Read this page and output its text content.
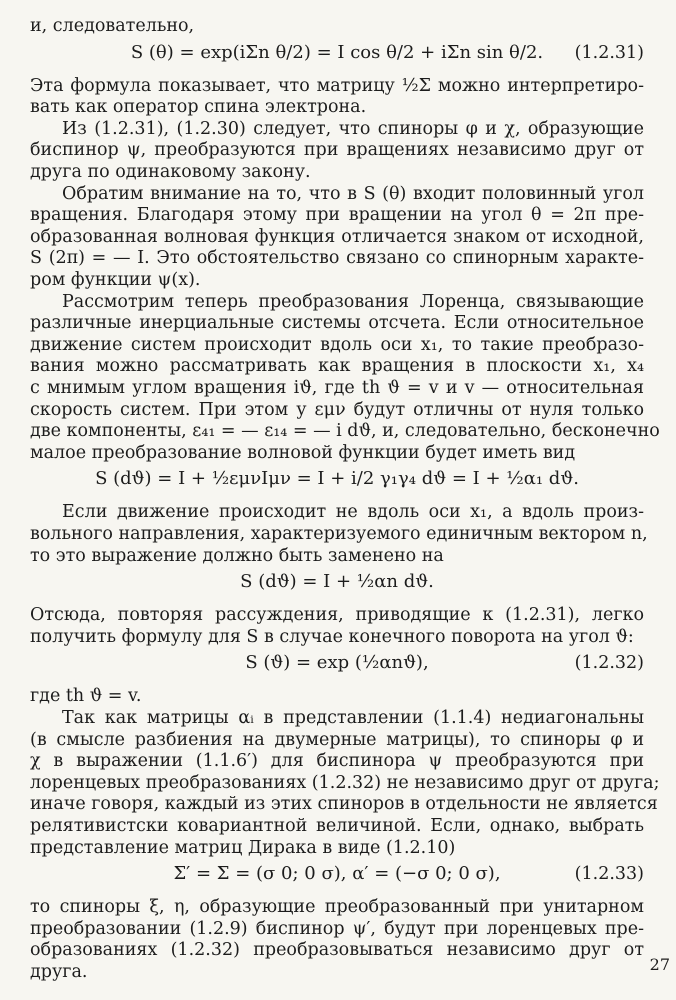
и, следовательно,
S (θ) = exp(iΣn θ/2) = I cos θ/2 + iΣn sin θ/2.	(1.2.31)
Эта формула показывает, что матрицу ½Σ можно интерпретиро-
вать как оператор спина электрона.
Из (1.2.31), (1.2.30) следует, что спиноры φ и χ, образующие
биспинор ψ, преобразуются при вращениях независимо друг от
друга по одинаковому закону.
Обратим внимание на то, что в S (θ) входит половинный угол
вращения. Благодаря этому при вращении на угол θ = 2π пре-
образованная волновая функция отличается знаком от исходной,
S (2π) = — I. Это обстоятельство связано со спинорным характе-
ром функции ψ(x).
Рассмотрим теперь преобразования Лоренца, связывающие
различные инерциальные системы отсчета. Если относительное
движение систем происходит вдоль оси x₁, то такие преобразо-
вания можно рассматривать как вращения в плоскости x₁, x₄
с мнимым углом вращения iϑ, где th ϑ = v и v — относительная
скорость систем. При этом у εμν будут отличны от нуля только
две компоненты, ε₄₁ = — ε₁₄ = — i dϑ, и, следовательно, бесконечно
малое преобразование волновой функции будет иметь вид
S (dϑ) = I + ½εμνIμν = I + i/2 γ₁γ₄ dϑ = I + ½α₁ dϑ.
Если движение происходит не вдоль оси x₁, а вдоль произ-
вольного направления, характеризуемого единичным вектором n,
то это выражение должно быть заменено на
S (dϑ) = I + ½αn dϑ.
Отсюда, повторяя рассуждения, приводящие к (1.2.31), легко
получить формулу для S в случае конечного поворота на угол ϑ:
S (ϑ) = exp (½αnϑ),	(1.2.32)
где th ϑ = v.
Так как матрицы αᵢ в представлении (1.1.4) недиагональны
(в смысле разбиения на двумерные матрицы), то спиноры φ и
χ в выражении (1.1.6′) для биспинора ψ преобразуются при
лоренцевых преобразованиях (1.2.32) не независимо друг от друга;
иначе говоря, каждый из этих спиноров в отдельности не является
релятивистски ковариантной величиной. Если, однако, выбрать
представление матриц Дирака в виде (1.2.10)
Σ′ = Σ = (σ 0; 0 σ), α′ = (−σ 0; 0 σ),	(1.2.33)
то спиноры ξ, η, образующие преобразованный при унитарном
преобразовании (1.2.9) биспинор ψ′, будут при лоренцевых пре-
образованиях (1.2.32) преобразовываться независимо друг от
друга.	27
